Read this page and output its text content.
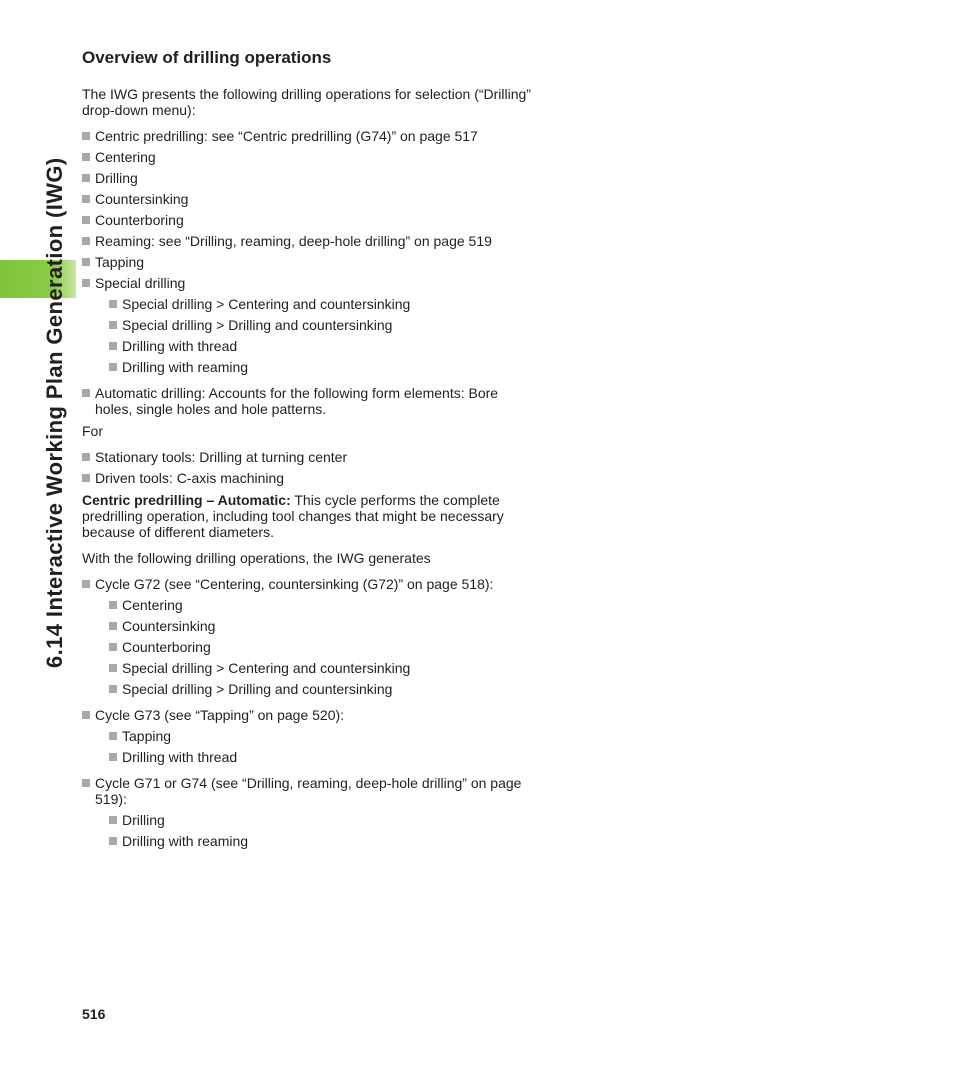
6.14 Interactive Working Plan Generation (IWG)
Overview of drilling operations

The IWG presents the following drilling operations for selection (“Drilling” drop-down menu):

Centric predrilling: see “Centric predrilling (G74)” on page 517
Centering
Drilling
Countersinking
Counterboring
Reaming: see “Drilling, reaming, deep-hole drilling” on page 519
Tapping
Special drilling
Special drilling > Centering and countersinking
Special drilling > Drilling and countersinking
Drilling with thread
Drilling with reaming
Automatic drilling: Accounts for the following form elements: Bore holes, single holes and hole patterns.

For

Stationary tools: Drilling at turning center
Driven tools: C-axis machining

Centric predrilling – Automatic: This cycle performs the complete predrilling operation, including tool changes that might be necessary because of different diameters.

With the following drilling operations, the IWG generates

Cycle G72 (see “Centering, countersinking (G72)” on page 518):
Centering
Countersinking
Counterboring
Special drilling > Centering and countersinking
Special drilling > Drilling and countersinking
Cycle G73 (see “Tapping” on page 520):
Tapping
Drilling with thread
Cycle G71 or G74 (see “Drilling, reaming, deep-hole drilling” on page 519):
Drilling
Drilling with reaming
516
